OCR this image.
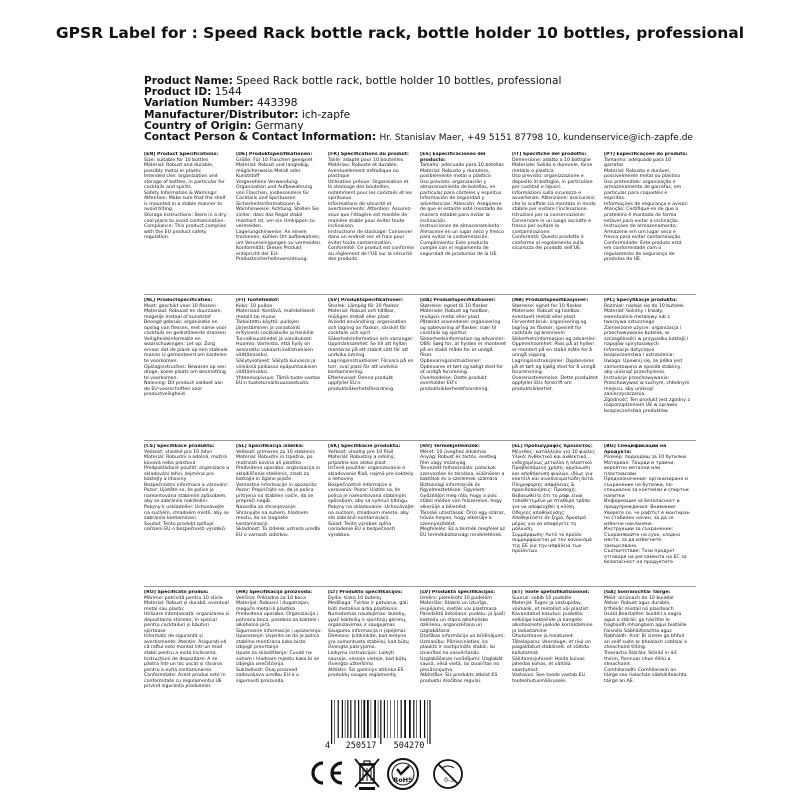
GPSR Label for : Speed Rack bottle rack, bottle holder 10 bottles, professional
Product Name: Speed Rack bottle rack, bottle holder 10 bottles, professional
Product ID: 1544
Variation Number: 443398
Manufacturer/Distributor: ich-zapfe
Country of Origin: Germany
Contact Person & Contact Information: Hr. Stanislav Maer, +49 5151 87798 10, kundenservice@ich-zapfe.de
[EN] Product Specifications:
Size: suitable for 10 bottles
Material: Robust and durable, possibly metal or plastic
Intended Use: organization and storage of bottles, in particular for cocktails and spirits.
Safety Information & Warnings: Attention: Make sure that the shelf is mounted in a stable manner to avoid tilting.
Storage Instructions: Store in a dry, cool place to avoid contamination.
Compliance: This product complies with the EU product safety regulation.
[DE] Produktspezifikationen:
Größe: Für 10 Flaschen geeignet
Material: Robust und langlebig, möglicherweise Metall oder Kunststoff
Vorgesehene Verwendung: Organisation und Aufbewahrung von Flaschen, insbesondere für Cocktails und Spirituosen
Sicherheitsinformationen & Warnhinweise: Achtung: Stellen Sie sicher, dass das Regal stabil montiert ist, um ein Umkippen zu vermeiden.
Lagerungshinweise: An einem trockenen, kühlen Ort aufbewahren, um Verunreinigungen zu vermeiden.
Konformität: Dieses Produkt entspricht der EU-Produktsicherheitsverordnung.
[FR] Spécifications du produit:
Taille: adapté pour 10 bouteilles
Matériau: Robuste et durable, éventuellement métallique ou plastique
Utilisation prévue: Organisation et le stockage des bouteilles, notamment pour les cocktails et les spiritueux.
Informations de sécurité et avertissements: Attention: Assurez-vous que l'étagère est montée de manière stable pour éviter toute inclinaison.
Instructions de stockage: Conserver dans un endroit sec et frais pour éviter toute contamination.
Conformité: Ce produit est conforme au règlement de l'UE sur la sécurité des produits.
[ES] Especificaciones del producto:
Tamaño: adecuado para 10 botellas
Material: Robusto y duradero, posiblemente metal o plástico
Uso previsto: organización y almacenamiento de botellas, en particular para cócteles y espíritus.
Información de seguridad y advertencias: Atención: Asegúrese de que el estante esté montado de manera estable para evitar la inclinación.
Instrucciones de almacenamiento: Almacene en un lugar seco y fresco para evitar la contaminación.
Cumplimiento: Este producto cumple con el reglamento de seguridad de productos de la UE.
[IT] Specifiche del prodotto:
Dimensione: adatto a 10 bottiglie
Materiale: Solido e durevole, forse metallo o plastica
Uso previsto: organizzazione e deposito di bottiglie, in particolare per cocktail e liquori.
Informazioni sulla sicurezza e avvertenze: Attenzione: assicurarsi che lo scaffale sia montato in modo stabile per evitare l'inclinazione.
Istruzioni per la conservazione: Conservare in un luogo asciutto e fresco per evitare la contaminazione.
Conformità: Questo prodotto è conforme al regolamento sulla sicurezza dei prodotti dell'UE.
[PT] Especificações do produto:
Tamanho: adequado para 10 garrafas
Material: Robusto e durável, possivelmente metal ou plástico
Uso pretendido: organização e armazenamento de garrafas, em particular para coquetéis e espíritos.
Informações de segurança e avisos: Atenção: Certifique-se de que a prateleira é montada de forma estável para evitar a inclinação.
Instruções de armazenamento: Armazene em um lugar seco e fresco para evitar contaminação.
Conformidade: Este produto está em conformidade com o regulamento de segurança de produtos da UE.
[NL] Productspecificaties:
Maat: geschikt voor 10 flessen
Materiaal: Robuust en duurzaam, mogelijk metaal of kunststof
Beoogd gebruik: organisatie en opslag van flessen, met name voor cocktails en gedistilleerde dranken
Veiligheidsinformatie en waarschuwingen: Let op: Zorg ervoor dat de plank op een stabiele manier is gemonteerd om kantelen te voorkomen.
Opslaginstructies: Bewaren op een droge, koele plaats om besmetting te voorkomen.
Naleving: Dit product voldoet aan de EU-voorschriften voor productveiligheid.
[FI] Tuotetiedot:
Koko: 10 pulloa
Materiaali: Kestävä, mahdollisesti metalli tai muovi
Tarkoitettu käyttö: pullojen järjestäminen ja varastointi erityisesti cocktaileille ja henkille
Turvallisuustiedot ja varoitukset: Huomio: Varmista, että hylly on asennettu vakaasti kallistumisen välttämiseksi.
Säilytysohjeet: Säilytä kuivassa ja viileässä paikassa epäpuhtauksien välttämiseksi.
Yhteensopivuus: Tämä tuote vastaa EU:n tuoteturvallisuusasetusta.
[SV] Produktspecifikationer:
Storlek: Lämplig för 10 flaskor
Material: Robust och hållbar, möjligen metall eller plast
Avsedd användning: organisation och lagring av flaskor, särskilt för cocktails och sprit
Säkerhetsinformation och varningar: Uppmärksamhet: Se till att hyllan monteras på ett stabilt sätt för att undvika lutning.
Lagringsinstruktioner: Förvara på en torr, sval plats för att undvika kontaminering.
Efterlevnad: Denna produkt uppfyller EU:s produktsäkerhetsförordning.
[DA] Produktspecifikationer:
Størrelse: egnet til 10 flasker
Materiale: Robust og holdbar, muligvis metal eller plast
Påtænkt anvendelse: organisering og opbevaring af flasker, især til cocktails og spiritus
Sikkerhedsinformation og advarsler: OBS: Sørg for, at hylden er monteret på en stabil måde for at undgå fliser.
Opbevaringsinstruktioner: Opbevares et tørt og køligt sted for at undgå forurening.
Overholdelse: Dette produkt overholder EU's produktsikkerhedsforordning.
[NB] Produktspesifikasjoner:
Størrelse: egnet for 10 flasker
Materiale: Robust og holdbar, eventuelt metall eller plast
Forventet bruk: organisering og lagring av flasker, spesielt for cocktails og brennevin
Sikkerhetsinformasjon og advarsler: Oppmerksomhet: Pass på at hyllen er montert på en stabil måte for å unngå vipping.
Lagringsinstruksjoner: Oppbevares på et tørt og kjølig sted for å unngå forurensning.
Overensstemmelse: Dette produktet oppfyller EUs forskrift om produktsikkerhet.
[PL] Specyfikacje produktu:
Rozmiar: nadaje się do 10 butelek
Materiał: Solidny i trwały, ewentualnie metalowy lub z tworzywa sztucznego
Zamierzone użycie: organizacja i przechowywanie butelek, w szczególności w przypadku koktajli i napojów spirytusowych
Informacje dotyczące bezpieczeństwa i ostrzeżenia: Uwaga: Upewnij się, że półka jest zamontowana w sposób stabilny, aby uniknąć przechylenia.
Instrukcje przechowywania: Przechowywać w suchym, chłodnym miejscu, aby uniknąć zanieczyszczenia.
Zgodność: Ten produkt jest zgodny z rozporządzeniem UE w sprawie bezpieczeństwa produktów.
[CS] Specifikace produktu:
Velikost: vhodné pro 10 lahví
Materiál: Robustní a odolná, možná kovová nebo plastová
Předpokládané použití: organizace a skladování lahví, zejména pro koktejly a lihoviny
Bezpečnostní informace a varování: Pozor: Ujistěte se, že police je namontována stabilním způsobem, aby se zabránilo naklánění.
Pokyny k uskladnění: Uchovávejte na suchém, chladném místě, aby se zabránilo kontaminaci.
Soulad: Tento produkt splňuje nařízení EU o bezpečnosti výrobků.
[SL] Specifikacija izdelka:
Velikost: primeren za 10 steklenic
Material: Robustni in trpežna, po možnosti kovina ali plastika
Predvidena uporaba: organizacija in skladiščenje steklenic, zlasti za koktajle in žgane pijače
Varnostne informacije in opozorila: Pozor: Prepričajte se, da je polica pritrjena na stabilen način, da se prepreči nagib.
Navodila za shranjevanje: Shranjujte na suhem, hladnem mestu, da se izognete kontaminaciji.
Skladnost: Ta izdelek ustreza uredbi EU o varnosti izdelkov.
[SK] Špecifikácie produktu:
Veľkosť: vhodný pre 10 fliaš
Materiál: Robustný a odolný, prípadne kov alebo plast
Určené použitie: organizovanie a skladovanie fliaš, najmä pre kokteily a liehoviny
Bezpečnostné informácie a varovania: Pozor: Uistite sa, že polica je namontovaná stabilným spôsobom, aby sa vyhnuli tiltingu.
Pokyny na skladovanie: Uchovávajte na suchom, chladnom mieste, aby ste zabránili kontaminácii.
Súlad: Tento výrobok spĺňa nariadenie EÚ o bezpečnosti výrobkov.
[HU] Termékjellemzők:
Méret: 10 üveghez alkalmas
Anyag: Robust és tartós, esetleg fém vagy műanyag
Tervezett felhasználás: palackok szervezése és tárolása, különösen a koktélok és a szellemek számára
Biztonsági információk és figyelmeztetések: Figyelem: Győződjön meg róla, hogy a polc stabil módon van felszerelve, hogy elkerülje a billenést.
Tárolási utasítások: Őrizi egy száraz, hűvös helyen, hogy elkerülje a szennyeződést.
Megfelelés: Ez a termék megfelel az EU termékbiztonsági rendeletének.
[EL] Προδιαγραφές προϊόντος:
Μέγεθος: κατάλληλο για 10 φιάλες
Υλικό: Ανθεκτικό και ανθεκτικό, ενδεχομένως μέταλλο ή πλαστικό
Προβλεπόμενη χρήση: οργάνωση και αποθήκευση φιαλών, ιδίως για κοκτέιλ και οινοπνευματώδη ποτά.
Πληροφορίες ασφάλειας & προειδοποιήσεις: Προσοχή: Βεβαιωθείτε ότι το ράφι είναι τοποθετημένο με σταθερό τρόπο για να αποφευχθεί η κλίση.
Οδηγίες αποθήκευσης: Αποθηκεύστε σε ξηρό, δροσερό μέρος για να αποφύγετε τη μόλυνση.
Συμμόρφωση: Αυτό το προϊόν συμμορφώνεται με τον κανονισμό της ΕΕ για την ασφάλεια των προϊόντων.
[BG] Спецификации на продукта:
Размер: подходящ за 10 бутилки
Материал: Твърди и трайни, вероятно метални или пластмасови
Предназначение: организиране и съхранение на бутилки, по-специално за коктейли и спиртни напитки
Информация за безопасност и предупреждения: Внимание: Уверете се, че рафтът е монтиран по стабилен начин, за да се избегне накланяне.
Инструкции за съхранение: Съхранявайте на сухо, хладно място, за да избегнете замърсяване.
Съответствие: Този продукт отговаря на регламента на ЕС за безопасност на продуктите.
[RO] Specificații produs:
Mărime: potrivită pentru 10 sticle
Material: Robust și durabil, eventual metal sau plastic
Utilizare intenționată: organizarea și depozitarea sticlelor, în special pentru cocktailuri și băuturi spirtoase
Informații de siguranță și avertismente: Atenție: Asigurați-vă că raftul este montat într-un mod stabil pentru a evita înclinarea.
Instrucțiuni de depozitare: A se păstra într-un loc uscat și răcoros pentru a evita contaminarea.
Conformitate: Acest produs este în conformitate cu regulamentul UE privind siguranța produselor.
[HR] Specifikacija proizvoda:
Veličina: Prikladna za 10 boca
Materijal: Robusni i dugotrajan, moguće metal ili plastika
Predviđena uporaba: Organizacija i pohrana boca, posebno za koktele i alkoholna pića
Sigurnosne informacije i upozorenja: Upozorenje: Uvjerite se da je polica stabilno montirana kako biste izbjegli prevrtanje.
Upute za skladištenje: Čuvati na suhom i hladnom mjestu kako bi se izbjegla onečišćenja.
Sukladnost: Ovaj proizvod zadovoljava uredbu EU-a o sigurnosti proizvoda.
[LT] Produkto specifikacijos:
Dydis: tinka 10 butelių
Medžiaga: Tvirtas ir patvarus, gali būti metalinis arba plastikinis
Numatomas naudojimas: butelių, ypač kokteilių ir spiritinių gėrimų, organizavimas ir saugojimas
Saugumo informacija ir įspėjimai: Dėmesio: Įsitikinkite, kad lentyna yra sumontuota stabiliai, kad būtų išvengta pakrypimo.
Laikymo instrukcijos: Laikyti sausoje, vėsioje vietoje, kad būtų išvengta užteršimo.
Atitiktis: Šis gaminys atitinka ES produktų saugos reglamentą.
[LV] Produkta specifikācijas:
Izmērs: piemērots 10 pudelēm
Materiāls: Stabils un izturīgs, iespējams, metāls vai plastmasa
Paredzētā lietošana: pudeļu, jo īpaši kokteiļu un stipro alkoholisko dzērienu, organizēšana un uzglabāšana
Drošības informācija un brīdinājumi: Uzmanību: Pārliecinieties, ka plaukts ir nostiprināts stabili, lai izvairītos no sasvēršanās.
Uzglabāšanas norādījumi: Uzglabāt sausā, vēsā vietā, lai izvairītos no piesārņojuma.
Atbilstība: Šis produkts atbilst ES produktu drošības regulai.
[ET] Toote spetsifikatsioonid:
Suurus: sobib 10 pudelile
Materjal: Tugev ja vastupidav, võimalik, et metallist või plastist
Kavandatud kasutus: pudelite, eelkõige kokteilide ja kangete alkohoolsete jookide korraldamine ja ladustamine
Ohutusteave ja hoiatused: Tähelepanu: Veenduge, et riiul on paigaldatud stabiilselt, et vältida kallutamist.
Säilitamisjuhised: Hoida kuivas jahedas kohas, et vältida saastumist.
Vastavus: See toode vastab ELi tooteohutusmäärusele.
[GA] Sonraíochtaí Táirge:
Méid: oiriúnach do 10 buidéal
Ábhar: Robust agus durable, b'fhéidir miotail nó plaisteach
Úsáid Beartaithe: buidéil a eagrú agus a stóráil, go háirithe le haghaidh mhanglaim agus biotáille
Faisnéis Sábháilteachta agus Rabhaidh: Aird: Bí cinnte go bhfuil an seilf suite ar bhealach cobhsaí a sheachaint tilting.
Treoracha Stórála: Stóráil in áit thirim, fionnuar chun éilliú a sheachaint.
Comhlíonadh: Comhlíonann an táirge seo rialachán sábháilteachta táirge an AE.
4 250517 504270
RoHS	0-3
